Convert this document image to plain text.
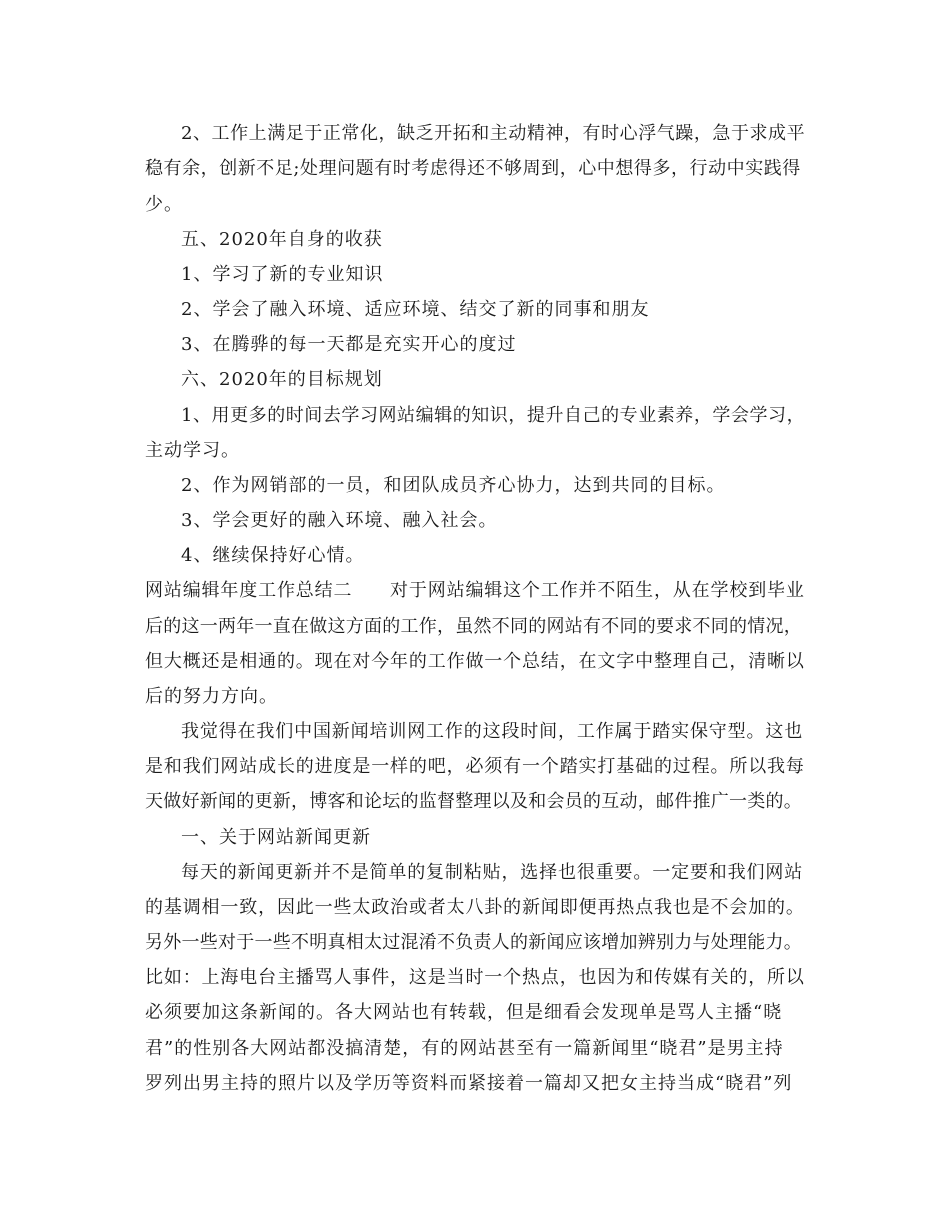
2、工作上满足于正常化，缺乏开拓和主动精神，有时心浮气躁，急于求成平
稳有余，创新不足;处理问题有时考虑得还不够周到，心中想得多，行动中实践得
少。
五、2020年自身的收获
1、学习了新的专业知识
2、学会了融入环境、适应环境、结交了新的同事和朋友
3、在腾骅的每一天都是充实开心的度过
六、2020年的目标规划
1、用更多的时间去学习网站编辑的知识，提升自己的专业素养，学会学习，
主动学习。
2、作为网销部的一员，和团队成员齐心协力，达到共同的目标。
3、学会更好的融入环境、融入社会。
4、继续保持好心情。
网站编辑年度工作总结二　　对于网站编辑这个工作并不陌生，从在学校到毕业
后的这一两年一直在做这方面的工作，虽然不同的网站有不同的要求不同的情况，
但大概还是相通的。现在对今年的工作做一个总结，在文字中整理自己，清晰以
后的努力方向。
我觉得在我们中国新闻培训网工作的这段时间，工作属于踏实保守型。这也
是和我们网站成长的进度是一样的吧，必须有一个踏实打基础的过程。所以我每
天做好新闻的更新，博客和论坛的监督整理以及和会员的互动，邮件推广一类的。
一、关于网站新闻更新
每天的新闻更新并不是简单的复制粘贴，选择也很重要。一定要和我们网站
的基调相一致，因此一些太政治或者太八卦的新闻即便再热点我也是不会加的。
另外一些对于一些不明真相太过混淆不负责人的新闻应该增加辨别力与处理能力。
比如：上海电台主播骂人事件，这是当时一个热点，也因为和传媒有关的，所以
必须要加这条新闻的。各大网站也有转载，但是细看会发现单是骂人主播“晓
君”的性别各大网站都没搞清楚，有的网站甚至有一篇新闻里“晓君”是男主持
罗列出男主持的照片以及学历等资料而紧接着一篇却又把女主持当成“晓君”列
